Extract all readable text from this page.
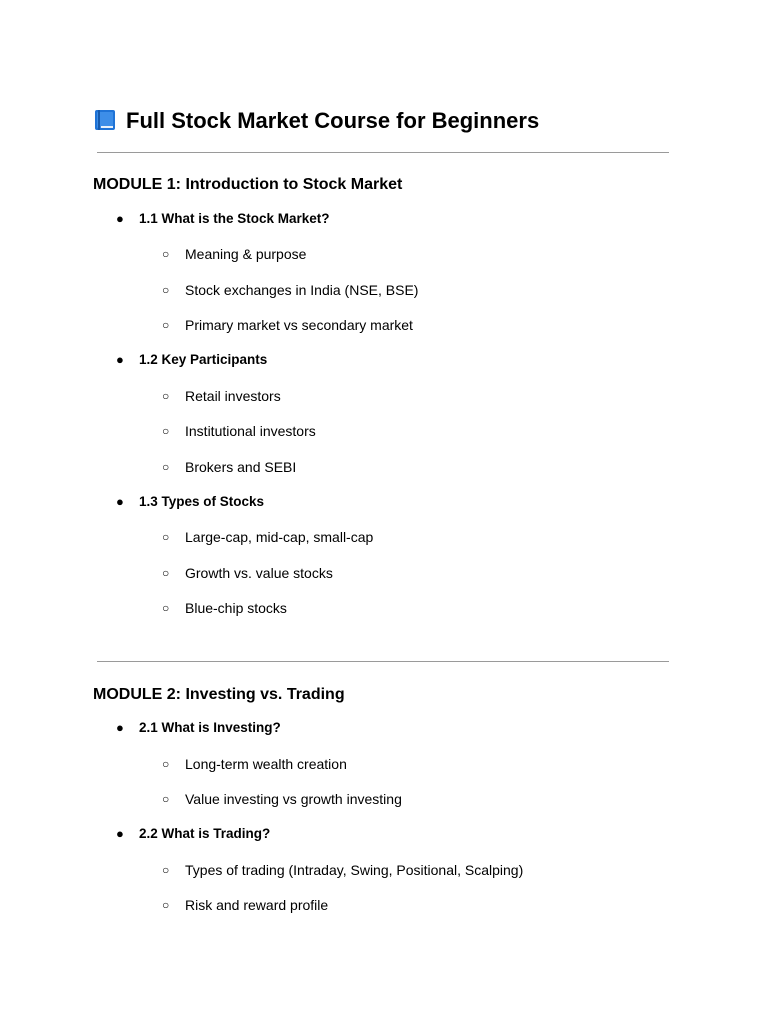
Full Stock Market Course for Beginners
MODULE 1: Introduction to Stock Market
● 1.1 What is the Stock Market?
○ Meaning & purpose
○ Stock exchanges in India (NSE, BSE)
○ Primary market vs secondary market
● 1.2 Key Participants
○ Retail investors
○ Institutional investors
○ Brokers and SEBI
● 1.3 Types of Stocks
○ Large-cap, mid-cap, small-cap
○ Growth vs. value stocks
○ Blue-chip stocks
MODULE 2: Investing vs. Trading
● 2.1 What is Investing?
○ Long-term wealth creation
○ Value investing vs growth investing
● 2.2 What is Trading?
○ Types of trading (Intraday, Swing, Positional, Scalping)
○ Risk and reward profile
